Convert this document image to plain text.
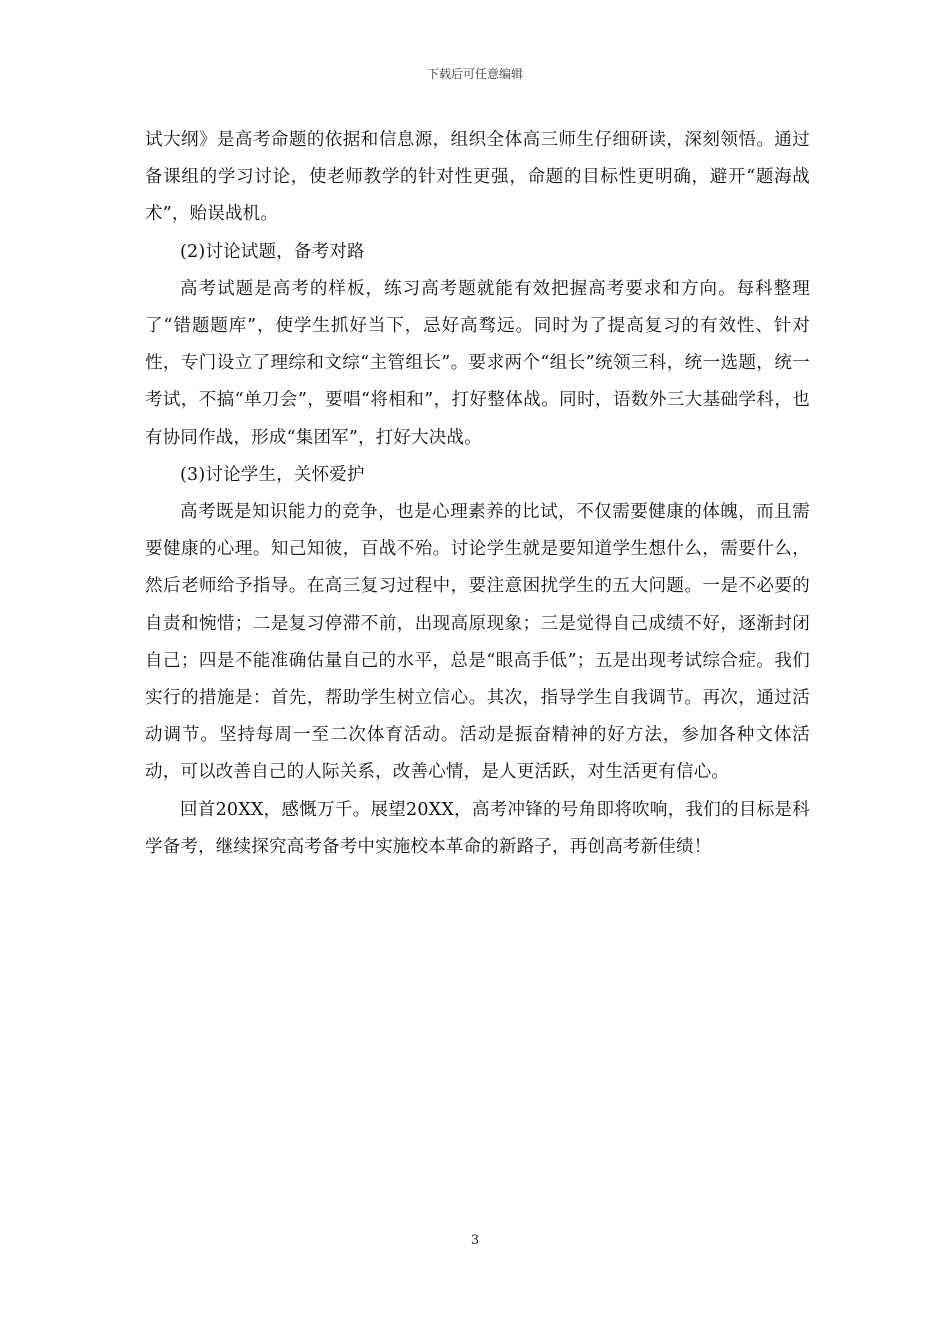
下载后可任意编辑

试大纲》是高考命题的依据和信息源，组织全体高三师生仔细研读，深刻领悟。通过备课组的学习讨论，使老师教学的针对性更强，命题的目标性更明确，避开“题海战术”，贻误战机。

(2)讨论试题，备考对路

高考试题是高考的样板，练习高考题就能有效把握高考要求和方向。每科整理了“错题题库”，使学生抓好当下，忌好高骛远。同时为了提高复习的有效性、针对性，专门设立了理综和文综“主管组长”。要求两个“组长”统领三科，统一选题，统一考试，不搞“单刀会”，要唱“将相和”，打好整体战。同时，语数外三大基础学科，也有协同作战，形成“集团军”，打好大决战。

(3)讨论学生，关怀爱护

高考既是知识能力的竞争，也是心理素养的比试，不仅需要健康的体魄，而且需要健康的心理。知己知彼，百战不殆。讨论学生就是要知道学生想什么，需要什么，然后老师给予指导。在高三复习过程中，要注意困扰学生的五大问题。一是不必要的自责和惋惜；二是复习停滞不前，出现高原现象；三是觉得自己成绩不好，逐渐封闭自己；四是不能准确估量自己的水平，总是“眼高手低”；五是出现考试综合症。我们实行的措施是：首先，帮助学生树立信心。其次，指导学生自我调节。再次，通过活动调节。坚持每周一至二次体育活动。活动是振奋精神的好方法，参加各种文体活动，可以改善自己的人际关系，改善心情，是人更活跃，对生活更有信心。

回首20XX，感慨万千。展望20XX，高考冲锋的号角即将吹响，我们的目标是科学备考，继续探究高考备考中实施校本革命的新路子，再创高考新佳绩！

3
